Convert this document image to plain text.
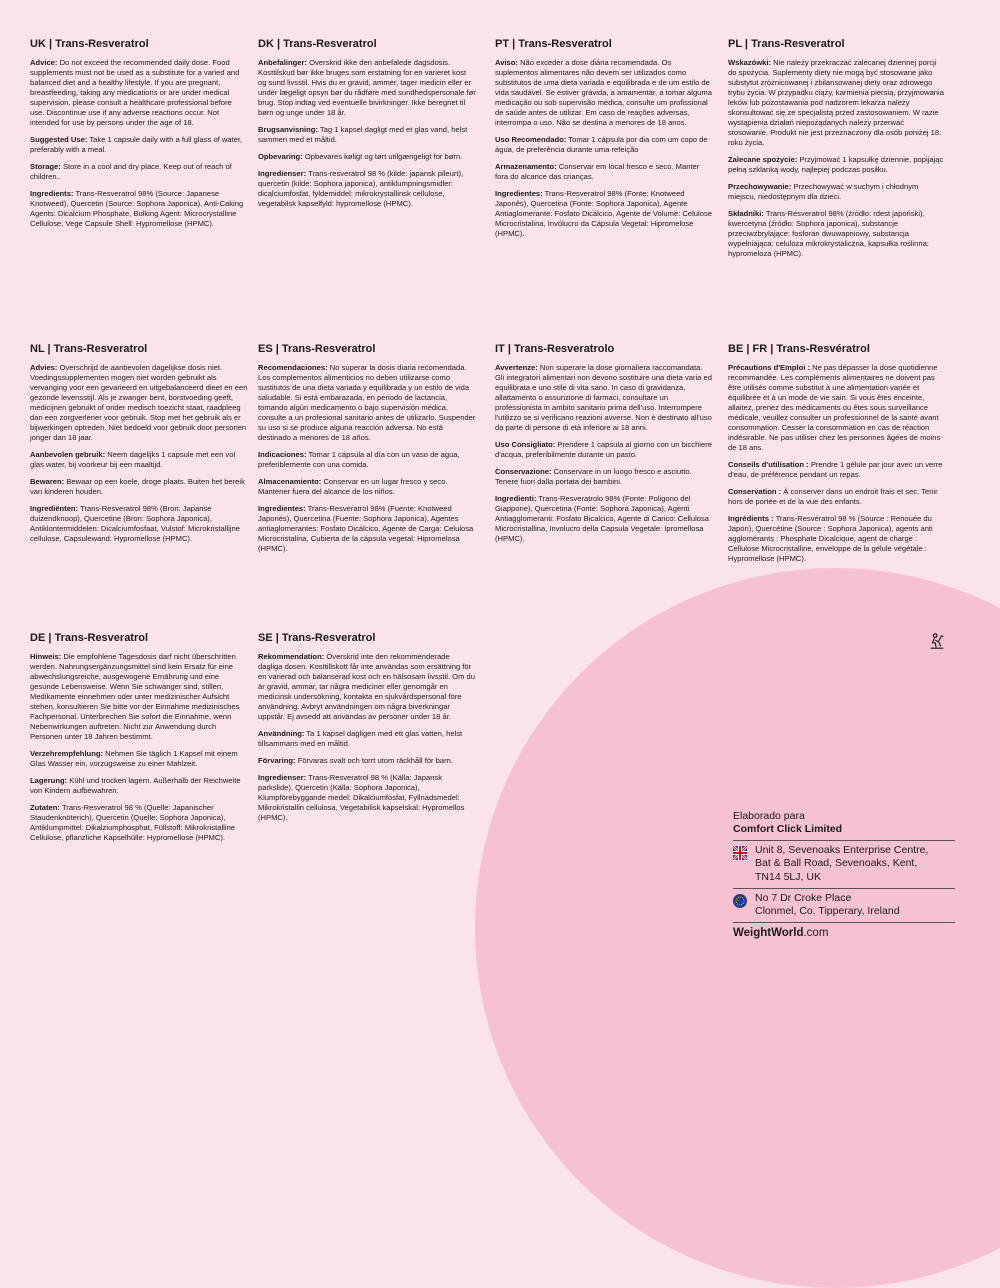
UK | Trans-Resveratrol

Advice: Do not exceed the recommended daily dose. Food supplements must not be used as a substitute for a varied and balanced diet and a healthy lifestyle. If you are pregnant, breastfeeding, taking any medications or are under medical supervision, please consult a healthcare professional before use. Discontinue use if any adverse reactions occur. Not intended for use by persons under the age of 18.

Suggested Use: Take 1 capsule daily with a full glass of water, preferably with a meal.

Storage: Store in a cool and dry place. Keep out of reach of children..

Ingredients: Trans-Resveratrol 98% (Source: Japanese Knotweed), Quercetin (Source: Sophora Japonica), Anti-Caking Agents: Dicalcium Phosphate, Bulking Agent: Microcrystalline Cellulose, Vege Capsule Shell: Hypromellose (HPMC).

DK | Trans-Resveratrol

Anbefalinger: Overskrid ikke den anbefalede dagsdosis. Kosttilskud bør ikke bruges som erstatning for en varieret kost og sund livsstil. Hvis du er gravid, ammer, tager medicin eller er under lægeligt opsyn bør du rådføre med sundhedspersonale før brug. Stop indtag ved eventuelle bivirkninger. Ikke beregnet til børn og unge under 18 år.

Brugsanvisning: Tag 1 kapsel dagligt med et glas vand, helst sammen med et måltid.

Opbevaring: Opbevares køligt og tørt utilgængeligt for børn.

Ingredienser: Trans-resveratrol 98 % (kilde: japansk pileurt), quercetin (kilde: Sophora japonica), antiklumpningsmidler: dicalciumfosfat, fyldemiddel: mikrokrystallinsk cellulose, vegetabilsk kapselfyld: hypromellose (HPMC).

PT | Trans-Resveratrol

Aviso: Não exceder a dose diária recomendada. Os suplementos alimentares não devem ser utilizados como substitutos de uma dieta variada e equilibrada e de um estilo de vida saudável. Se estiver grávida, a amamentar, a tomar alguma medicação ou sob supervisão médica, consulte um profissional de saúde antes de utilizar. Em caso de reações adversas, interrompa o uso. Não se destina a menores de 18 anos.

Uso Recomendado: Tomar 1 cápsula por dia com um copo de água, de preferência durante uma refeição

Armazenamento: Conservar em local fresco e seco. Manter fora do alcance das crianças.

Ingredientes: Trans-Resveratrol 98% (Fonte: Knotweed Japonês), Quercetina (Fonte: Sophora Japonica), Agente Antiaglomerante: Fosfato Dicálcico, Agente de Volume: Celulose Microcristalina, Invólucro da Cápsula Vegetal: Hipromelose (HPMC).

PL | Trans-Resveratrol

Wskazówki: Nie należy przekraczać zalecanej dziennej porcji do spożycia. Suplementy diety nie mogą być stosowane jako substytut zróżnicowanej i zbilansowanej diety oraz zdrowego trybu życia. W przypadku ciąży, karmienia piersią, przyjmowania leków lub pozostawania pod nadzorem lekarza należy skonsultować się ze specjalistą przed zastosowaniem. W razie wystąpienia działań niepożądanych należy przerwać stosowanie. Produkt nie jest przeznaczony dla osób poniżej 18. roku życia.

Zalecane spożycie: Przyjmować 1 kapsułkę dziennie, popijając pełną szklanką wody, najlepiej podczas posiłku.

Przechowywanie: Przechowywać w suchym i chłodnym miejscu, niedostępnym dla dzieci.

Składniki: Trans-Resveratrol 98% (źródło: rdest japoński), kwercetyna (źródło: Sophora japonica), substancje przeciwzbrylające: fosforan dwuwapniowy, substancja wypełniająca: celuloza mikrokrystaliczna, kapsułka roślinna: hypromeloza (HPMC).

NL | Trans-Resveratrol

Advies: Overschrijd de aanbevolen dagelijkse dosis niet. Voedingssupplementen mogen niet worden gebruikt als vervanging voor een gevarieerd en uitgebalanceerd dieet en een gezonde levensstijl. Als je zwanger bent, borstvoeding geeft, medicijnen gebruikt of onder medisch toezicht staat, raadpleeg dan een zorgverlener voor gebruik. Stop met het gebruik als er bijwerkingen optreden. Niet bedoeld voor gebruik door personen jonger dan 18 jaar.

Aanbevolen gebruik: Neem dagelijks 1 capsule met een vol glas water, bij voorkeur bij een maaltijd.

Bewaren: Bewaar op een koele, droge plaats. Buiten het bereik van kinderen houden.

Ingrediënten: Trans-Resveratrol 98% (Bron: Japanse duizendknoop), Quercetine (Bron: Sophora Japonica), Antiklontermiddelen: Dicalciumfosfaat, Vulstof: Microkristallijne cellulose, Capsulewand: Hypromellose (HPMC).

ES | Trans-Resveratrol

Recomendaciones: No superar la dosis diaria recomendada. Los complementos alimenticios no deben utilizarse como sustitutos de una dieta variada y equilibrada y un estilo de vida saludable. Si está embarazada, en periodo de lactancia, tomando algún medicamento o bajo supervisión médica, consulte a un profesional sanitario antes de utilizarlo. Suspender su uso si se produce alguna reacción adversa. No está destinado a menores de 18 años.

Indicaciones: Tomar 1 cápsula al día con un vaso de agua, preferiblemente con una comida.

Almacenamiento: Conservar en un lugar fresco y seco. Mantener fuera del alcance de los niños.

Ingredientes: Trans-Resveratrol 98% (Fuente: Knotweed Japonés), Quercetina (Fuente: Sophora Japonica), Agentes antiaglomerantes: Fosfato Dicálcico, Agente de Carga: Celulosa Microcristalina, Cubierta de la cápsula vegetal: Hipromelosa (HPMC).

IT | Trans-Resveratrolo

Avvertenze: Non superare la dose giornaliera raccomandata. Gli integratori alimentari non devono sostituire una dieta varia ed equilibrata e uno stile di vita sano. In caso di gravidanza, allattamento o assunzione di farmaci, consultare un professionista in ambito sanitario prima dell'uso. Interrompere l'utilizzo se si verificano reazioni avverse. Non è destinato all'uso da parte di persone di età inferiore ai 18 anni.

Uso Consigliato: Prendere 1 capsula al giorno con un bicchiere d'acqua, preferibilmente durante un pasto.

Conservazione: Conservare in un luogo fresco e asciutto. Tenere fuori dalla portata dei bambini.

Ingredienti: Trans-Resveratrolo 98% (Fonte: Poligono del Giappone), Quercetina (Fonte: Sophora Japonica), Agenti Antiagglomeranti: Fosfato Bicalcico, Agente di Carico: Cellulosa Microcristallina, Involucro della Capsula Vegetale: Ipromellosa (HPMC).

BE | FR | Trans-Resvératrol

Précautions d'Emploi : Ne pas dépasser la dose quotidienne recommandée. Les compléments alimentaires ne doivent pas être utilisés comme substitut à une alimentation variée et équilibrée et à un mode de vie sain. Si vous êtes enceinte, allaitez, prenez des médicaments ou êtes sous surveillance médicale, veuillez consulter un professionnel de la santé avant consommation. Cesser la consommation en cas de réaction indésirable. Ne pas utiliser chez les personnes âgées de moins de 18 ans.

Conseils d'utilisation : Prendre 1 gélule par jour avec un verre d'eau, de préférence pendant un repas.

Conservation : À conserver dans un endroit frais et sec. Tenir hors de portée et de la vue des enfants.

Ingrédients : Trans-Resvératrol 98 % (Source : Renouée du Japon), Quercétine (Source : Sophora Japonica), agents anti agglomérants : Phosphate Dicalcique, agent de charge : Cellulose Microcristalline, enveloppe de la gélule végétale : Hypromellose (HPMC).

DE | Trans-Resveratrol

Hinweis: Die empfohlene Tagesdosis darf nicht überschritten werden. Nahrungsergänzungsmittel sind kein Ersatz für eine abwechslungsreiche, ausgewogene Ernährung und eine gesunde Lebensweise. Wenn Sie schwanger sind, stillen, Medikamente einnehmen oder unter medizinischer Aufsicht stehen, konsultieren Sie bitte vor der Einnahme medizinisches Fachpersonal. Unterbrechen Sie sofort die Einnahme, wenn Nebenwirkungen auftreten. Nicht zur Anwendung durch Personen unter 18 Jahren bestimmt.

Verzehrempfehlung: Nehmen Sie täglich 1 Kapsel mit einem Glas Wasser ein, vorzugsweise zu einer Mahlzeit.

Lagerung: Kühl und trocken lagern. Außerhalb der Reichweite von Kindern aufbewahren.

Zutaten: Trans-Resveratrol 98 % (Quelle: Japanischer Staudenknöterich), Quercetin (Quelle: Sophora Japonica), Antiklumpmittel: Dikalziumphosphat, Füllstoff: Mikrokristalline Cellulose, pflanzliche Kapselhülle: Hypromellose (HPMC).

SE | Trans-Resveratrol

Rekommendation: Överskrid inte den rekommenderade dagliga dosen. Kosttillskott får inte användas som ersättning för en varierad och balanserad kost och en hälsosam livsstil. Om du är gravid, ammar, tar några mediciner eller genomgår en medicinsk undersökning, kontakta en sjukvårdspersonal före användning. Avbryt användningen om några biverkningar uppstår. Ej avsedd att användas av personer under 18 år.

Användning: Ta 1 kapsel dagligen med ett glas vatten, helst tillsammans med en måltid.

Förvaring: Förvaras svalt och torrt utom räckhåll för barn.

Ingredienser: Trans-Resveratrol 98 % (Källa: Japansk parkslide), Quercetin (Källa: Sophora Japonica), Klumpförebyggande medel: Dikalciumfosfat, Fyllnadsmedel: Mikrokristallin cellulosa, Vegetabilisk kapselskal: Hypromellos (HPMC).	Elaborado para

Comfort Click Limited

Unit 8, Sevenoaks Enterprise Centre,
Bat & Ball Road, Sevenoaks, Kent,
TN14 5LJ, UK
No 7 Dr Croke Place
Clonmel, Co. Tipperary, Ireland
WeightWorld.com
